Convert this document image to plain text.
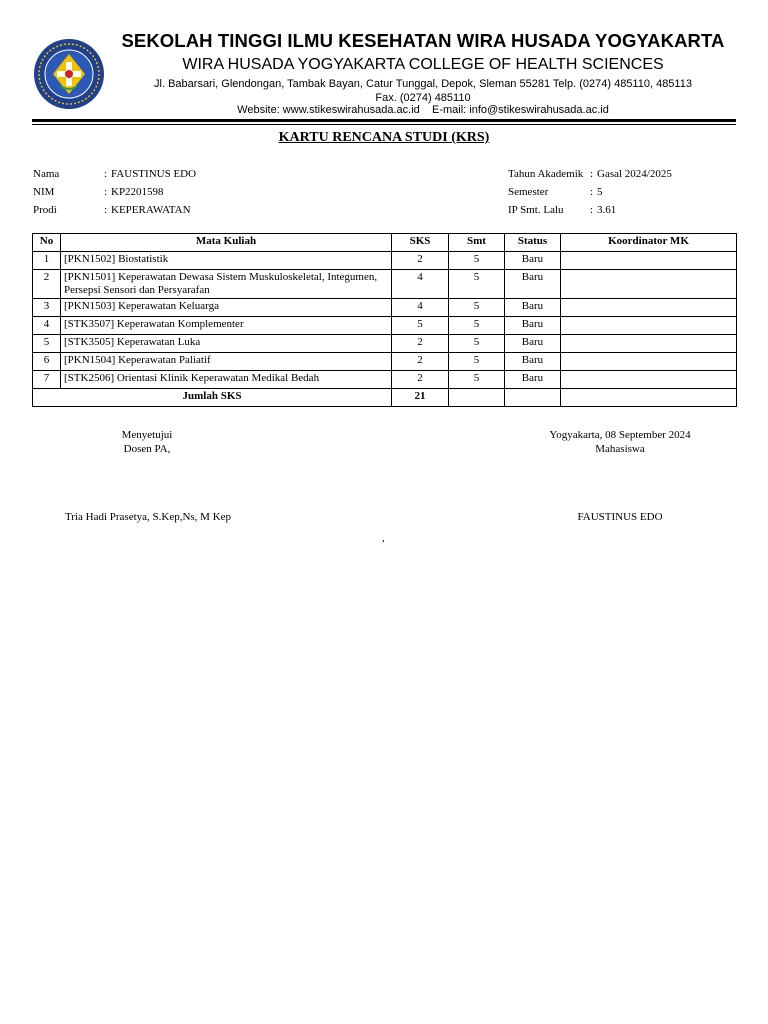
SEKOLAH TINGGI ILMU KESEHATAN WIRA HUSADA YOGYAKARTA
WIRA HUSADA YOGYAKARTA COLLEGE OF HEALTH SCIENCES
Jl. Babarsari, Glendongan, Tambak Bayan, Catur Tunggal, Depok, Sleman 55281 Telp. (0274) 485110, 485113
Fax. (0274) 485110
Website: www.stikeswirahusada.ac.id    E-mail: info@stikeswirahusada.ac.id
KARTU RENCANA STUDI (KRS)
Nama	: FAUSTINUS EDO
NIM	: KP2201598
Prodi	: KEPERAWATAN
Tahun Akademik : Gasal 2024/2025
Semester	: 5
IP Smt. Lalu : 3.61
No	Mata Kuliah	SKS	Smt	Status	Koordinator MK
1	[PKN1502] Biostatistik	2	5	Baru	
2	[PKN1501] Keperawatan Dewasa Sistem Muskuloskeletal, Integumen, Persepsi Sensori dan Persyarafan	4	5	Baru	
3	[PKN1503] Keperawatan Keluarga	4	5	Baru	
4	[STK3507] Keperawatan Komplementer	5	5	Baru	
5	[STK3505] Keperawatan Luka	2	5	Baru	
6	[PKN1504] Keperawatan Paliatif	2	5	Baru	
7	[STK2506] Orientasi Klinik Keperawatan Medikal Bedah	2	5	Baru	
Jumlah SKS		21			
Menyetujui
Dosen PA,
Tria Hadi Prasetya, S.Kep,Ns, M Kep
Yogyakarta, 08 September 2024
Mahasiswa
FAUSTINUS EDO
,
